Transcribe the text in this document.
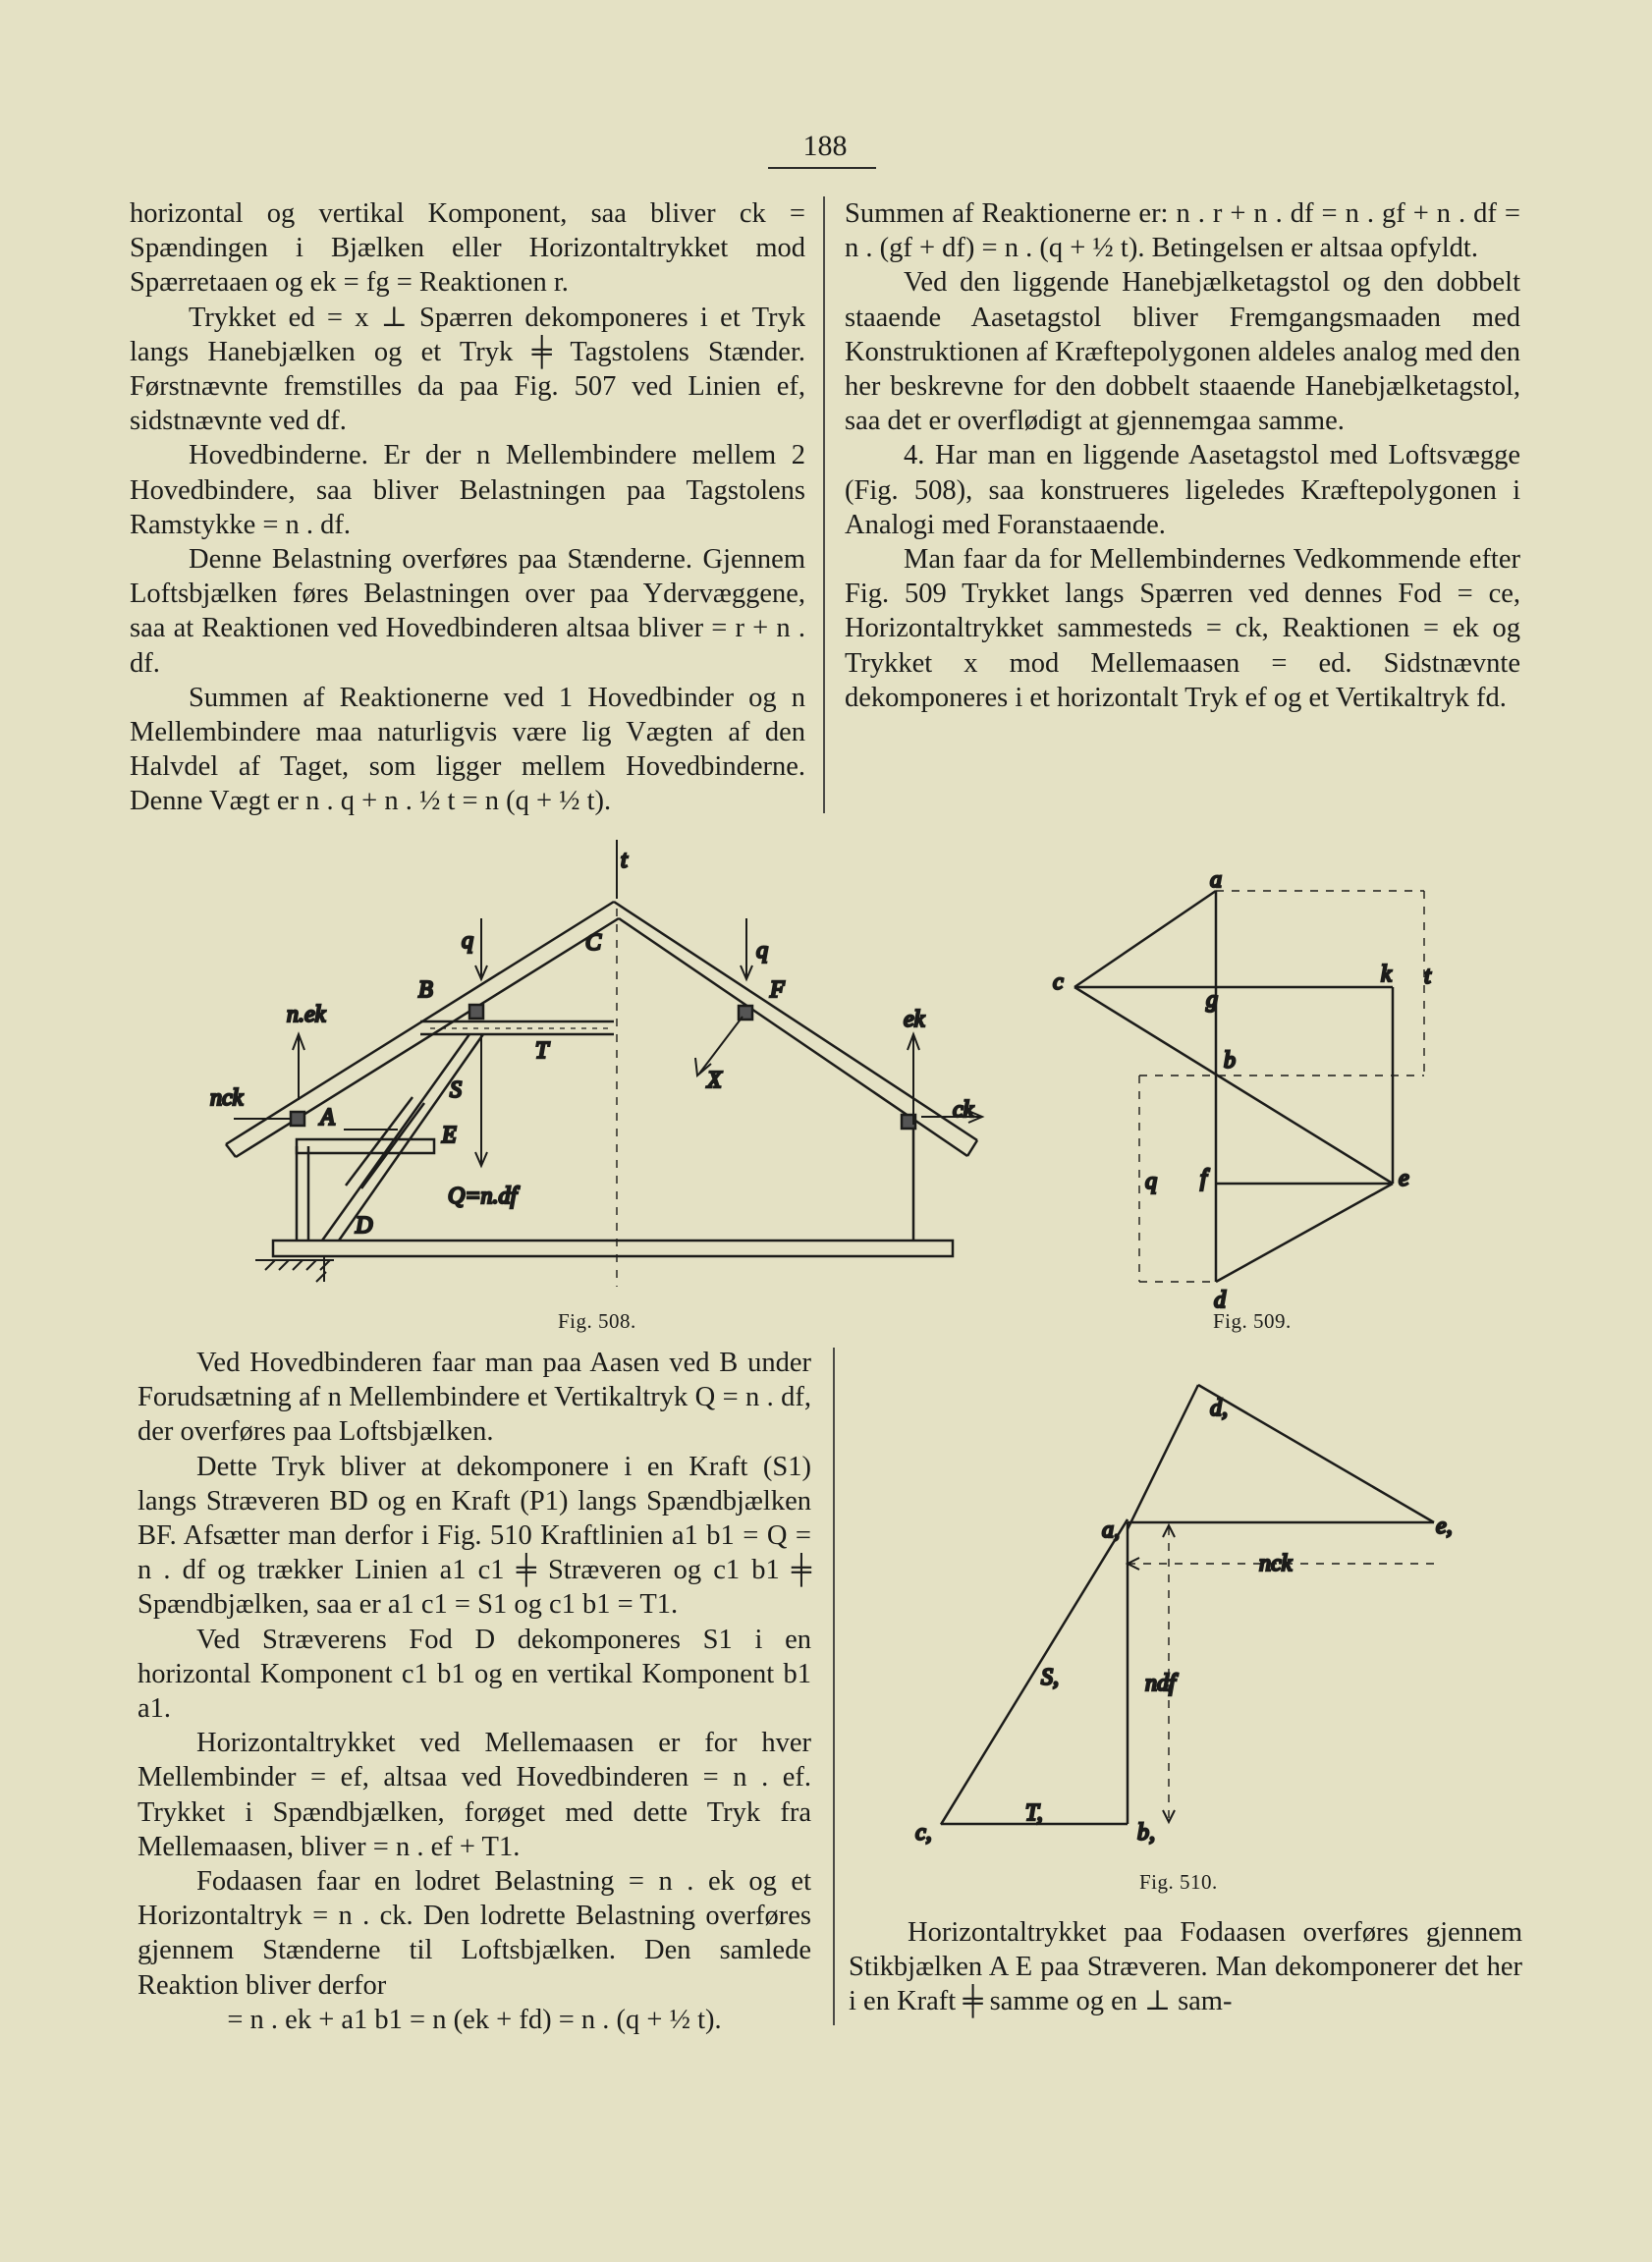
188

horizontal og vertikal Komponent, saa bliver ck = Spændingen i Bjælken eller Horizontaltrykket mod Spærretaaen og ek = fg = Reaktionen r.

Trykket ed = x ⊥ Spærren dekomponeres i et Tryk langs Hanebjælken og et Tryk ╪ Tagstolens Stænder. Førstnævnte fremstilles da paa Fig. 507 ved Linien ef, sidstnævnte ved df.

Hovedbinderne. Er der n Mellembindere mellem 2 Hovedbindere, saa bliver Belastningen paa Tagstolens Ramstykke = n . df.

Denne Belastning overføres paa Stænderne. Gjennem Loftsbjælken føres Belastningen over paa Ydervæggene, saa at Reaktionen ved Hovedbinderen altsaa bliver = r + n . df.

Summen af Reaktionerne ved 1 Hovedbinder og n Mellembindere maa naturligvis være lig Vægten af den Halvdel af Taget, som ligger mellem Hovedbinderne. Denne Vægt er n . q + n . ½ t = n (q + ½ t).

Summen af Reaktionerne er: n . r + n . df = n . gf + n . df = n . (gf + df) = n . (q + ½ t). Betingelsen er altsaa opfyldt.

Ved den liggende Hanebjælketagstol og den dobbelt staaende Aasetagstol bliver Fremgangsmaaden med Konstruktionen af Kræftepolygonen aldeles analog med den her beskrevne for den dobbelt staaende Hanebjælketagstol, saa det er overflødigt at gjennemgaa samme.

4. Har man en liggende Aasetagstol med Loftsvægge (Fig. 508), saa konstrueres ligeledes Kræftepolygonen i Analogi med Foranstaaende.

Man faar da for Mellembindernes Vedkommende efter Fig. 509 Trykket langs Spærren ved dennes Fod = ce, Horizontaltrykket sammesteds = ck, Reaktionen = ek og Trykket x mod Mellemaasen = ed. Sidstnævnte dekomponeres i et horizontalt Tryk ef og et Vertikaltryk fd.

t
q	q
C
B	F
n.ek	ek
nck	ck
A
T
S
E
X
Q=n.df
D
Fig. 508.
a
c	k t
g
b
q f	e
d
Fig. 509.

Ved Hovedbinderen faar man paa Aasen ved B under Forudsætning af n Mellembindere et Vertikaltryk Q = n . df, der overføres paa Loftsbjælken.

Dette Tryk bliver at dekomponere i en Kraft (S1) langs Stræveren BD og en Kraft (P1) langs Spændbjælken BF. Afsætter man derfor i Fig. 510 Kraftlinien a1 b1 = Q = n . df og trækker Linien a1 c1 ╪ Stræveren og c1 b1 ╪ Spændbjælken, saa er a1 c1 = S1 og c1 b1 = T1.

Ved Stræverens Fod D dekomponeres S1 i en horizontal Komponent c1 b1 og en vertikal Komponent b1 a1.

Horizontaltrykket ved Mellemaasen er for hver Mellembinder = ef, altsaa ved Hovedbinderen = n . ef. Trykket i Spændbjælken, forøget med dette Tryk fra Mellemaasen, bliver = n . ef + T1.

Fodaasen faar en lodret Belastning = n . ek og et Horizontaltryk = n . ck. Den lodrette Belastning overføres gjennem Stænderne til Loftsbjælken. Den samlede Reaktion bliver derfor

= n . ek + a1 b1 = n (ek + fd) = n . (q + ½ t).

d,
a,	e,
nck
S,	ndf
c,
T,
b,
Fig. 510.

Horizontaltrykket paa Fodaasen overføres gjennem Stikbjælken A E paa Stræveren. Man dekomponerer det her i en Kraft ╪ samme og en ⊥ sam-
